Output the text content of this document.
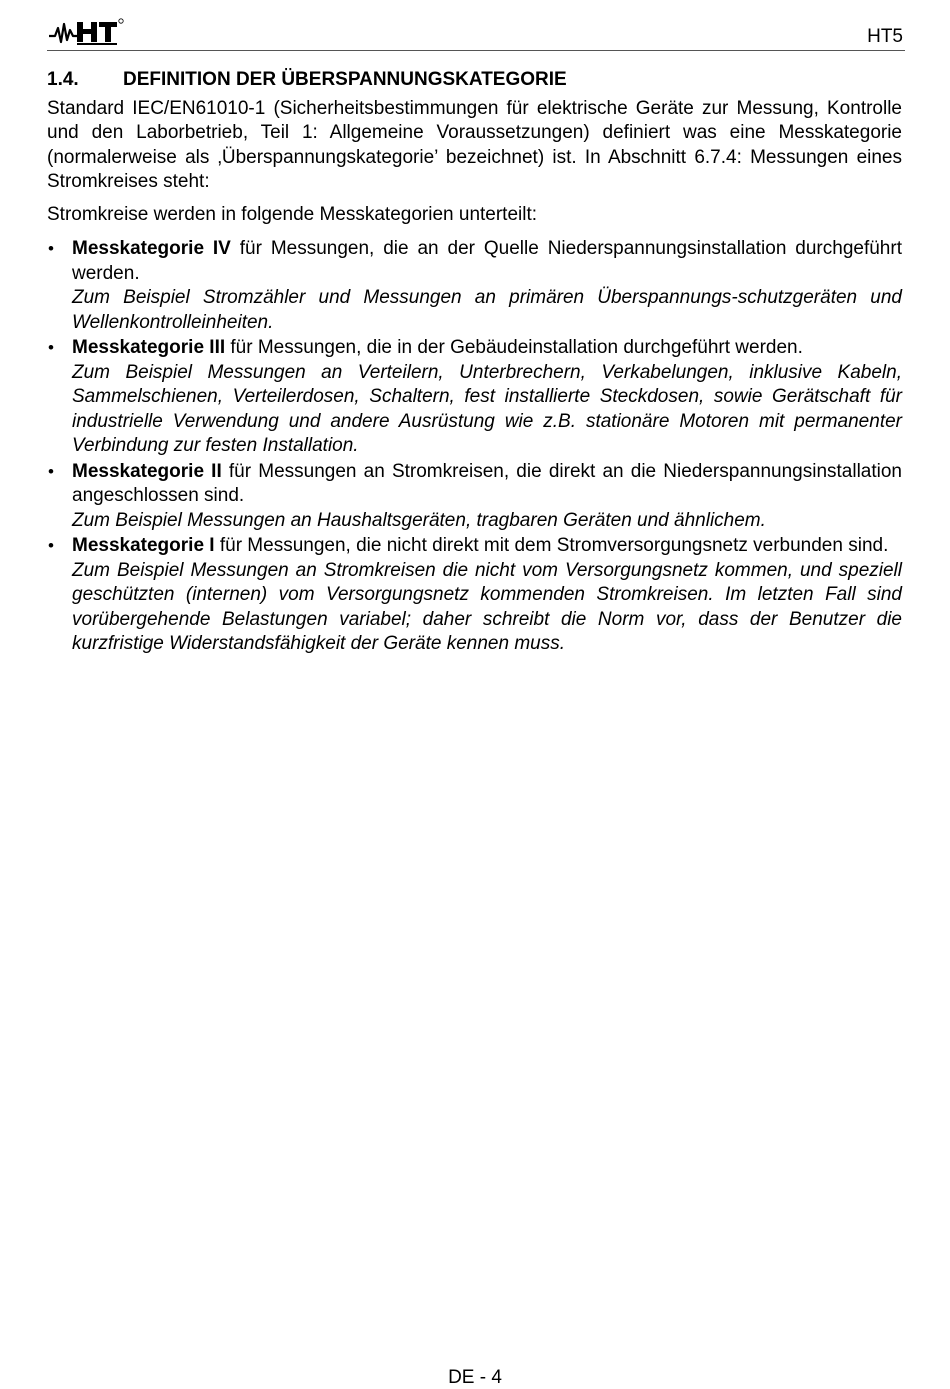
HT	HT5
1.4. DEFINITION DER ÜBERSPANNUNGSKATEGORIE

Standard IEC/EN61010-1 (Sicherheitsbestimmungen für elektrische Geräte zur Messung, Kontrolle und den Laborbetrieb, Teil 1: Allgemeine Voraussetzungen) definiert was eine Messkategorie (normalerweise als ‚Überspannungskategorie’ bezeichnet) ist. In Abschnitt 6.7.4: Messungen eines Stromkreises steht:

Stromkreise werden in folgende Messkategorien unterteilt:

• Messkategorie IV für Messungen, die an der Quelle Niederspannungsinstallation durchgeführt werden.
Zum Beispiel Stromzähler und Messungen an primären Überspannungs-schutzgeräten und Wellenkontrolleinheiten.
• Messkategorie III für Messungen, die in der Gebäudeinstallation durchgeführt werden.
Zum Beispiel Messungen an Verteilern, Unterbrechern, Verkabelungen, inklusive Kabeln, Sammelschienen, Verteilerdosen, Schaltern, fest installierte Steckdosen, sowie Gerätschaft für industrielle Verwendung und andere Ausrüstung wie z.B. stationäre Motoren mit permanenter Verbindung zur festen Installation.
• Messkategorie II für Messungen an Stromkreisen, die direkt an die Niederspannungsinstallation angeschlossen sind.
Zum Beispiel Messungen an Haushaltsgeräten, tragbaren Geräten und ähnlichem.
• Messkategorie I für Messungen, die nicht direkt mit dem Stromversorgungsnetz verbunden sind.
Zum Beispiel Messungen an Stromkreisen die nicht vom Versorgungsnetz kommen, und speziell geschützten (internen) vom Versorgungsnetz kommenden Stromkreisen. Im letzten Fall sind vorübergehende Belastungen variabel; daher schreibt die Norm vor, dass der Benutzer die kurzfristige Widerstandsfähigkeit der Geräte kennen muss.
DE - 4
